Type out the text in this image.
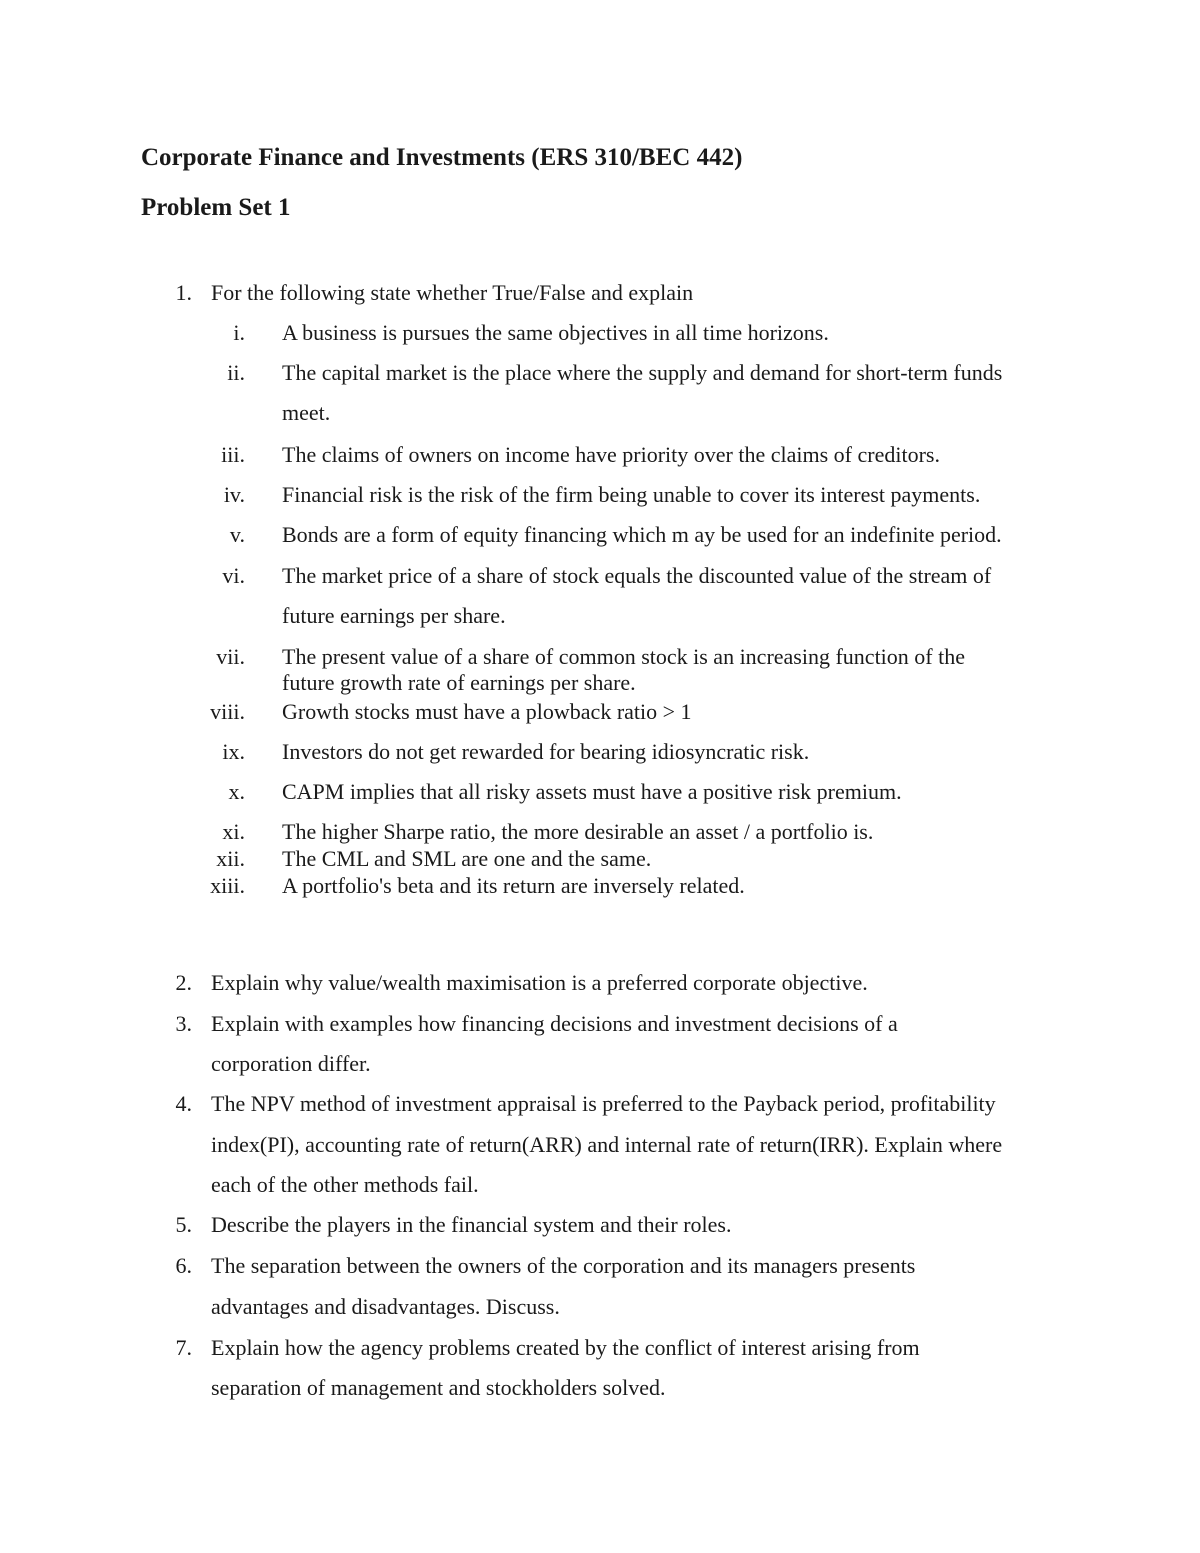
Corporate Finance and Investments (ERS 310/BEC 442)
Problem Set 1
1. For the following state whether True/False and explain
i. A business is pursues the same objectives in all time horizons.
ii. The capital market is the place where the supply and demand for short-term funds
meet.
iii. The claims of owners on income have priority over the claims of creditors.
iv. Financial risk is the risk of the firm being unable to cover its interest payments.
v. Bonds are a form of equity financing which m ay be used for an indefinite period.
vi. The market price of a share of stock equals the discounted value of the stream of
future earnings per share.
vii. The present value of a share of common stock is an increasing function of the
future growth rate of earnings per share.
viii. Growth stocks must have a plowback ratio > 1
ix. Investors do not get rewarded for bearing idiosyncratic risk.
x. CAPM implies that all risky assets must have a positive risk premium.
xi. The higher Sharpe ratio, the more desirable an asset / a portfolio is.
xii. The CML and SML are one and the same.
xiii. A portfolio's beta and its return are inversely related.
2. Explain why value/wealth maximisation is a preferred corporate objective.
3. Explain with examples how financing decisions and investment decisions of a
corporation differ.
4. The NPV method of investment appraisal is preferred to the Payback period, profitability
index(PI), accounting rate of return(ARR) and internal rate of return(IRR). Explain where
each of the other methods fail.
5. Describe the players in the financial system and their roles.
6. The separation between the owners of the corporation and its managers presents
advantages and disadvantages. Discuss.
7. Explain how the agency problems created by the conflict of interest arising from
separation of management and stockholders solved.
